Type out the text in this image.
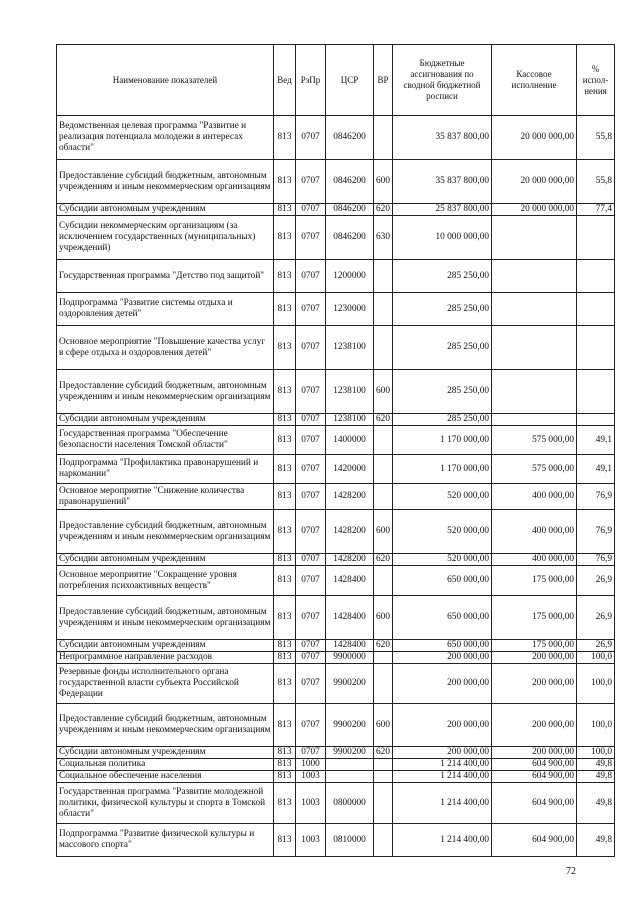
Наименование показателей	Вед	РзПр	ЦСР	ВР	Бюджетные ассигнования по сводной бюджетной росписи	Кассовое исполнение	% испол-нения
Ведомственная целевая программа "Развитие и реализация потенциала молодежи в интересах области"	813	0707	0846200		35 837 800,00	20 000 000,00	55,8
Предоставление субсидий бюджетным, автономным учреждениям и иным некоммерческим организациям	813	0707	0846200	600	35 837 800,00	20 000 000,00	55,8
Субсидии автономным учреждениям	813	0707	0846200	620	25 837 800,00	20 000 000,00	77,4
Субсидии некоммерческим организациям (за исключением государственных (муниципальных) учреждений)	813	0707	0846200	630	10 000 000,00		
Государственная программа "Детство под защитой"	813	0707	1200000		285 250,00		
Подпрограмма "Развитие системы отдыха и оздоровления детей"	813	0707	1230000		285 250,00		
Основное мероприятие "Повышение качества услуг в сфере отдыха и оздоровления детей"	813	0707	1238100		285 250,00		
Предоставление субсидий бюджетным, автономным учреждениям и иным некоммерческим организациям	813	0707	1238100	600	285 250,00		
Субсидии автономным учреждениям	813	0707	1238100	620	285 250,00		
Государственная программа "Обеспечение безопасности населения Томской области"	813	0707	1400000		1 170 000,00	575 000,00	49,1
Подпрограмма "Профилактика правонарушений и наркомании"	813	0707	1420000		1 170 000,00	575 000,00	49,1
Основное мероприятие "Снижение количества правонарушений"	813	0707	1428200		520 000,00	400 000,00	76,9
Предоставление субсидий бюджетным, автономным учреждениям и иным некоммерческим организациям	813	0707	1428200	600	520 000,00	400 000,00	76,9
Субсидии автономным учреждениям	813	0707	1428200	620	520 000,00	400 000,00	76,9
Основное мероприятие "Сокращение уровня потребления психоактивных веществ"	813	0707	1428400		650 000,00	175 000,00	26,9
Предоставление субсидий бюджетным, автономным учреждениям и иным некоммерческим организациям	813	0707	1428400	600	650 000,00	175 000,00	26,9
Субсидии автономным учреждениям	813	0707	1428400	620	650 000,00	175 000,00	26,9
Непрограммное направление расходов	813	0707	9900000		200 000,00	200 000,00	100,0
Резервные фонды исполнительного органа государственной власти субъекта Российской Федерации	813	0707	9900200		200 000,00	200 000,00	100,0
Предоставление субсидий бюджетным, автономным учреждениям и иным некоммерческим организациям	813	0707	9900200	600	200 000,00	200 000,00	100,0
Субсидии автономным учреждениям	813	0707	9900200	620	200 000,00	200 000,00	100,0
Социальная политика	813	1000			1 214 400,00	604 900,00	49,8
Социальное обеспечение населения	813	1003			1 214 400,00	604 900,00	49,8
Государственная программа "Развитие молодежной политики, физической культуры и спорта в Томской области"	813	1003	0800000		1 214 400,00	604 900,00	49,8
Подпрограмма "Развитие физической культуры и массового спорта"	813	1003	0810000		1 214 400,00	604 900,00	49,8
72
